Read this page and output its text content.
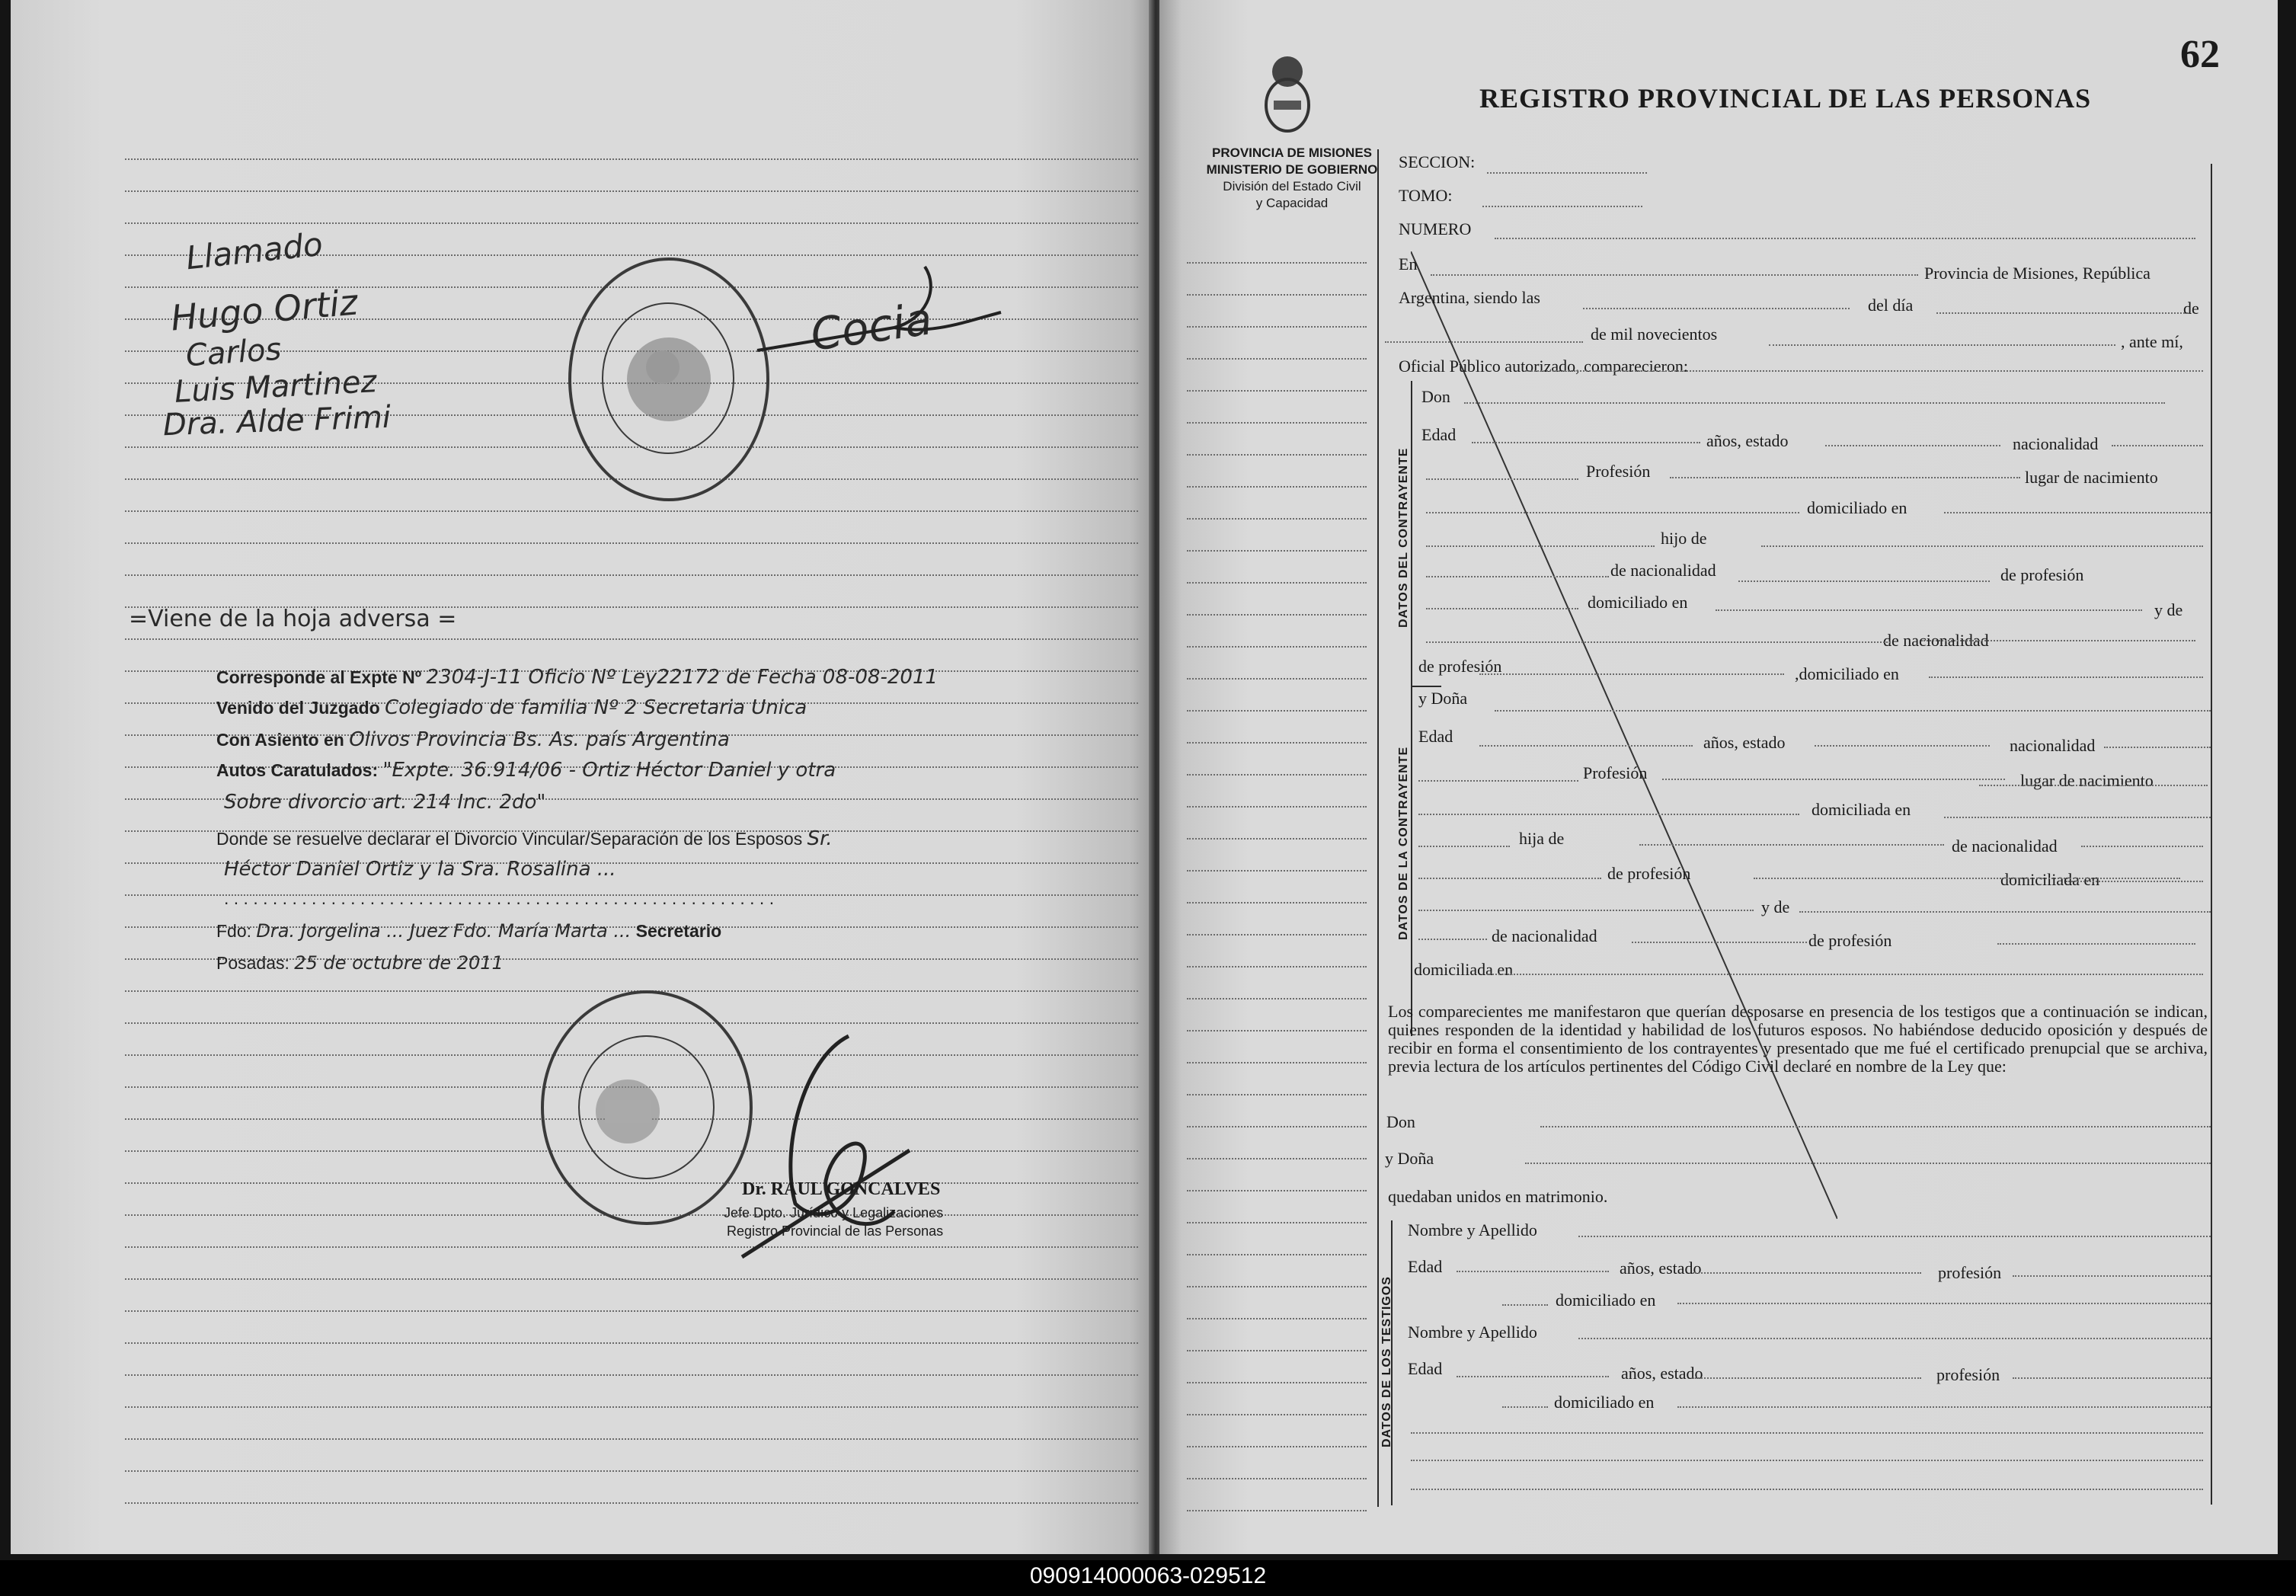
Llamado
Hugo Ortiz
Carlos
Luis Martinez
Dra. Alde Frimi
Cocia
=Viene de la hoja adversa =
Corresponde al Expte Nº 2304-J-11 Oficio Nº Ley22172 de Fecha 08-08-2011
Venido del Juzgado Colegiado de familia Nº 2 Secretaria Unica
Con Asiento en Olivos Provincia Bs. As. país Argentina
Autos Caratulados: "Expte. 36.914/06 - Ortiz Héctor Daniel y otra
Sobre divorcio art. 214 Inc. 2do"
Donde se resuelve declarar el Divorcio Vincular/Separación de los Esposos Sr.
Héctor Daniel Ortiz y la Sra. Rosalina ...
. . . . . . . . . . . . . . . . . . . . . . . . . . . . . . . . . . . . . . . . . . . . . . . . . . . . . . . . .
Fdo: Dra. Jorgelina ... Juez Fdo. María Marta ... Secretario
Posadas: 25 de octubre de 2011
Dr. RAUL GONCALVES
Jefe Dpto. Jurídico y Legalizaciones
Registro Provincial de las Personas
62
REGISTRO PROVINCIAL DE LAS PERSONAS
PROVINCIA DE MISIONES
MINISTERIO DE GOBIERNO
División del Estado Civil
y Capacidad
SECCION:
TOMO:
NUMERO
En	Provincia de Misiones, República
Argentina, siendo las	del día	de
de mil novecientos	, ante mí,
Oficial Público autorizado, comparecieron:
DATOS DEL CONTRAYENTE
Don
Edad	años, estado	nacionalidad
Profesión	lugar de nacimiento
domiciliado en
hijo de
de nacionalidad	de profesión
domiciliado en	y de
de nacionalidad
de profesión	,domiciliado en
DATOS DE LA CONTRAYENTE
y Doña
Edad	años, estado	nacionalidad
Profesión	lugar de nacimiento
domiciliada en
hija de	de nacionalidad
de profesión	domiciliada en
y de
de nacionalidad	de profesión
domiciliada en
Los comparecientes me manifestaron que querían desposarse en presencia de los testigos que a continuación se indican, quienes responden de la identidad y habilidad de los futuros esposos. No habiéndose deducido oposición y después de recibir en forma el consentimiento de los contrayentes y presentado que me fué el certificado prenupcial que se archiva, previa lectura de los artículos pertinentes del Código Civil declaré en nombre de la Ley que:
Don
y Doña
quedaban unidos en matrimonio.
DATOS DE LOS TESTIGOS
Nombre y Apellido
Edad	años, estado	profesión
domiciliado en
Nombre y Apellido
Edad	años, estado	profesión
domiciliado en
090914000063-029512
